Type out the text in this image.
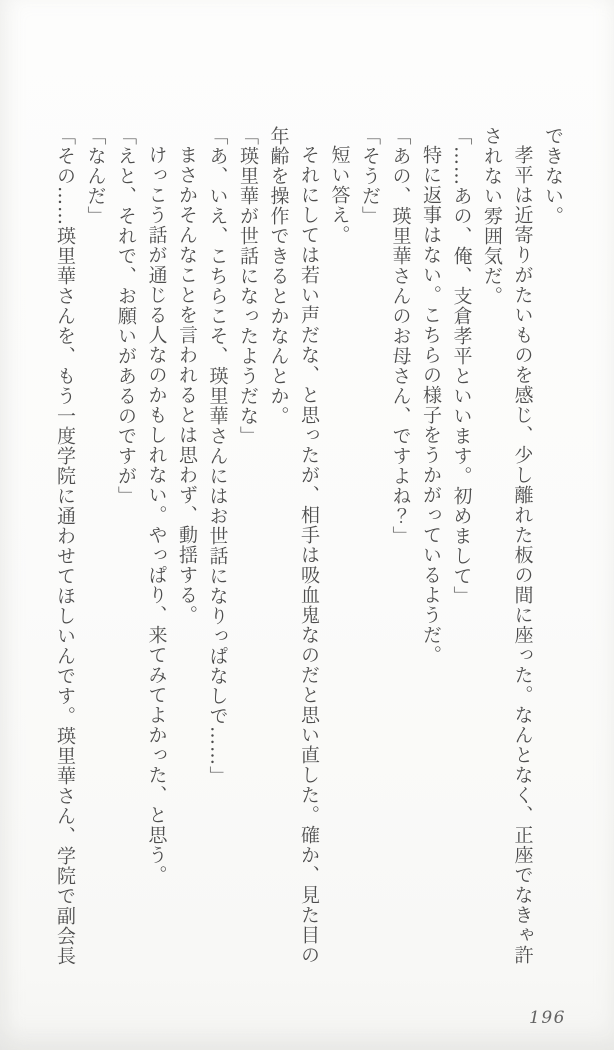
できない。

孝平は近寄りがたいものを感じ、少し離れた板の間に座った。なんとなく、正座でなきゃ許されない雰囲気だ。

「……あの、俺、支倉孝平といいます。初めまして」

特に返事はない。こちらの様子をうかがっているようだ。

「あの、瑛里華さんのお母さん、ですよね？」

「そうだ」

短い答え。

それにしては若い声だな、と思ったが、相手は吸血鬼なのだと思い直した。確か、見た目の年齢を操作できるとかなんとか。

「瑛里華が世話になったようだな」

「あ、いえ、こちらこそ、瑛里華さんにはお世話になりっぱなしで……」

まさかそんなことを言われるとは思わず、動揺する。

けっこう話が通じる人なのかもしれない。やっぱり、来てみてよかった、と思う。

「えと、それで、お願いがあるのですが」

「なんだ」

「その……瑛里華さんを、もう一度学院に通わせてほしいんです。瑛里華さん、学院で副会長

196
